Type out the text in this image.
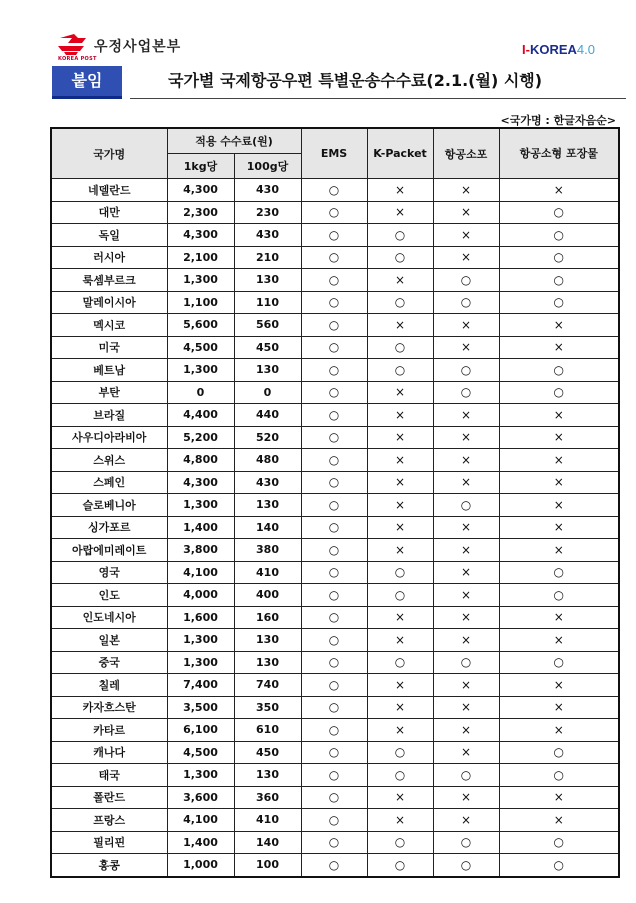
우정사업본부
KOREA POST
I-KOREA4.0
붙임	국가별 국제항공우편 특별운송수수료(2.1.(월) 시행)
<국가명 : 한글자음순>
국가명	적용 수수료(원)		EMS	K-Packet	항공소포	항공소형 포장물
	1kg당	100g당				
네델란드	4,300	430	○	×	×	×
대만	2,300	230	○	×	×	○
독일	4,300	430	○	○	×	○
러시아	2,100	210	○	○	×	○
룩셈부르크	1,300	130	○	×	○	○
말레이시아	1,100	110	○	○	○	○
멕시코	5,600	560	○	×	×	×
미국	4,500	450	○	○	×	×
베트남	1,300	130	○	○	○	○
부탄	0	0	○	×	○	○
브라질	4,400	440	○	×	×	×
사우디아라비아	5,200	520	○	×	×	×
스위스	4,800	480	○	×	×	×
스페인	4,300	430	○	×	×	×
슬로베니아	1,300	130	○	×	○	×
싱가포르	1,400	140	○	×	×	×
아랍에미레이트	3,800	380	○	×	×	×
영국	4,100	410	○	○	×	○
인도	4,000	400	○	○	×	○
인도네시아	1,600	160	○	×	×	×
일본	1,300	130	○	×	×	×
중국	1,300	130	○	○	○	○
칠레	7,400	740	○	×	×	×
카자흐스탄	3,500	350	○	×	×	×
카타르	6,100	610	○	×	×	×
캐나다	4,500	450	○	○	×	○
태국	1,300	130	○	○	○	○
폴란드	3,600	360	○	×	×	×
프랑스	4,100	410	○	×	×	×
필리핀	1,400	140	○	○	○	○
홍콩	1,000	100	○	○	○	○
